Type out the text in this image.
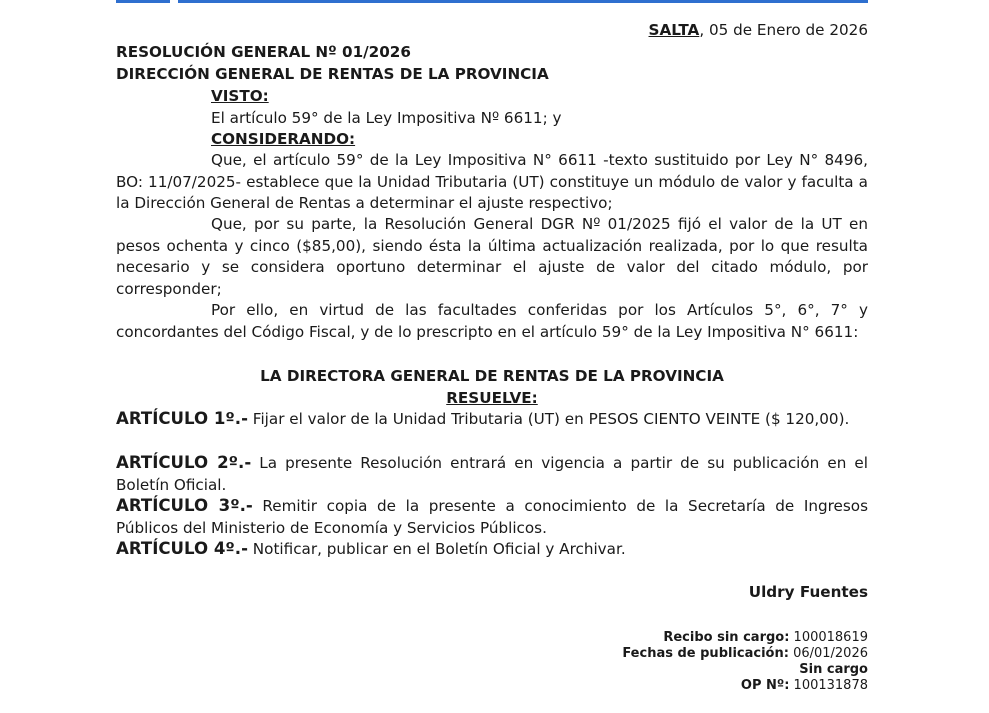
SALTA, 05 de Enero de 2026
RESOLUCIÓN GENERAL Nº 01/2026
DIRECCIÓN GENERAL DE RENTAS DE LA PROVINCIA
VISTO:
El artículo 59° de la Ley Impositiva Nº 6611; y
CONSIDERANDO:
Que, el artículo 59° de la Ley Impositiva N° 6611 -texto sustituido por Ley N° 8496, BO: 11/07/2025- establece que la Unidad Tributaria (UT) constituye un módulo de valor y faculta a la Dirección General de Rentas a determinar el ajuste respectivo;
Que, por su parte, la Resolución General DGR Nº 01/2025 fijó el valor de la UT en pesos ochenta y cinco ($85,00), siendo ésta la última actualización realizada, por lo que resulta necesario y se considera oportuno determinar el ajuste de valor del citado módulo, por corresponder;
Por ello, en virtud de las facultades conferidas por los Artículos 5°, 6°, 7° y concordantes del Código Fiscal, y de lo prescripto en el artículo 59° de la Ley Impositiva N° 6611:
LA DIRECTORA GENERAL DE RENTAS DE LA PROVINCIA
RESUELVE:
ARTÍCULO 1º.- Fijar el valor de la Unidad Tributaria (UT) en PESOS CIENTO VEINTE ($ 120,00).
ARTÍCULO 2º.- La presente Resolución entrará en vigencia a partir de su publicación en el Boletín Oficial.
ARTÍCULO 3º.- Remitir copia de la presente a conocimiento de la Secretaría de Ingresos Públicos del Ministerio de Economía y Servicios Públicos.
ARTÍCULO 4º.- Notificar, publicar en el Boletín Oficial y Archivar.
Uldry Fuentes
Recibo sin cargo: 100018619
Fechas de publicación: 06/01/2026
Sin cargo
OP Nº: 100131878
